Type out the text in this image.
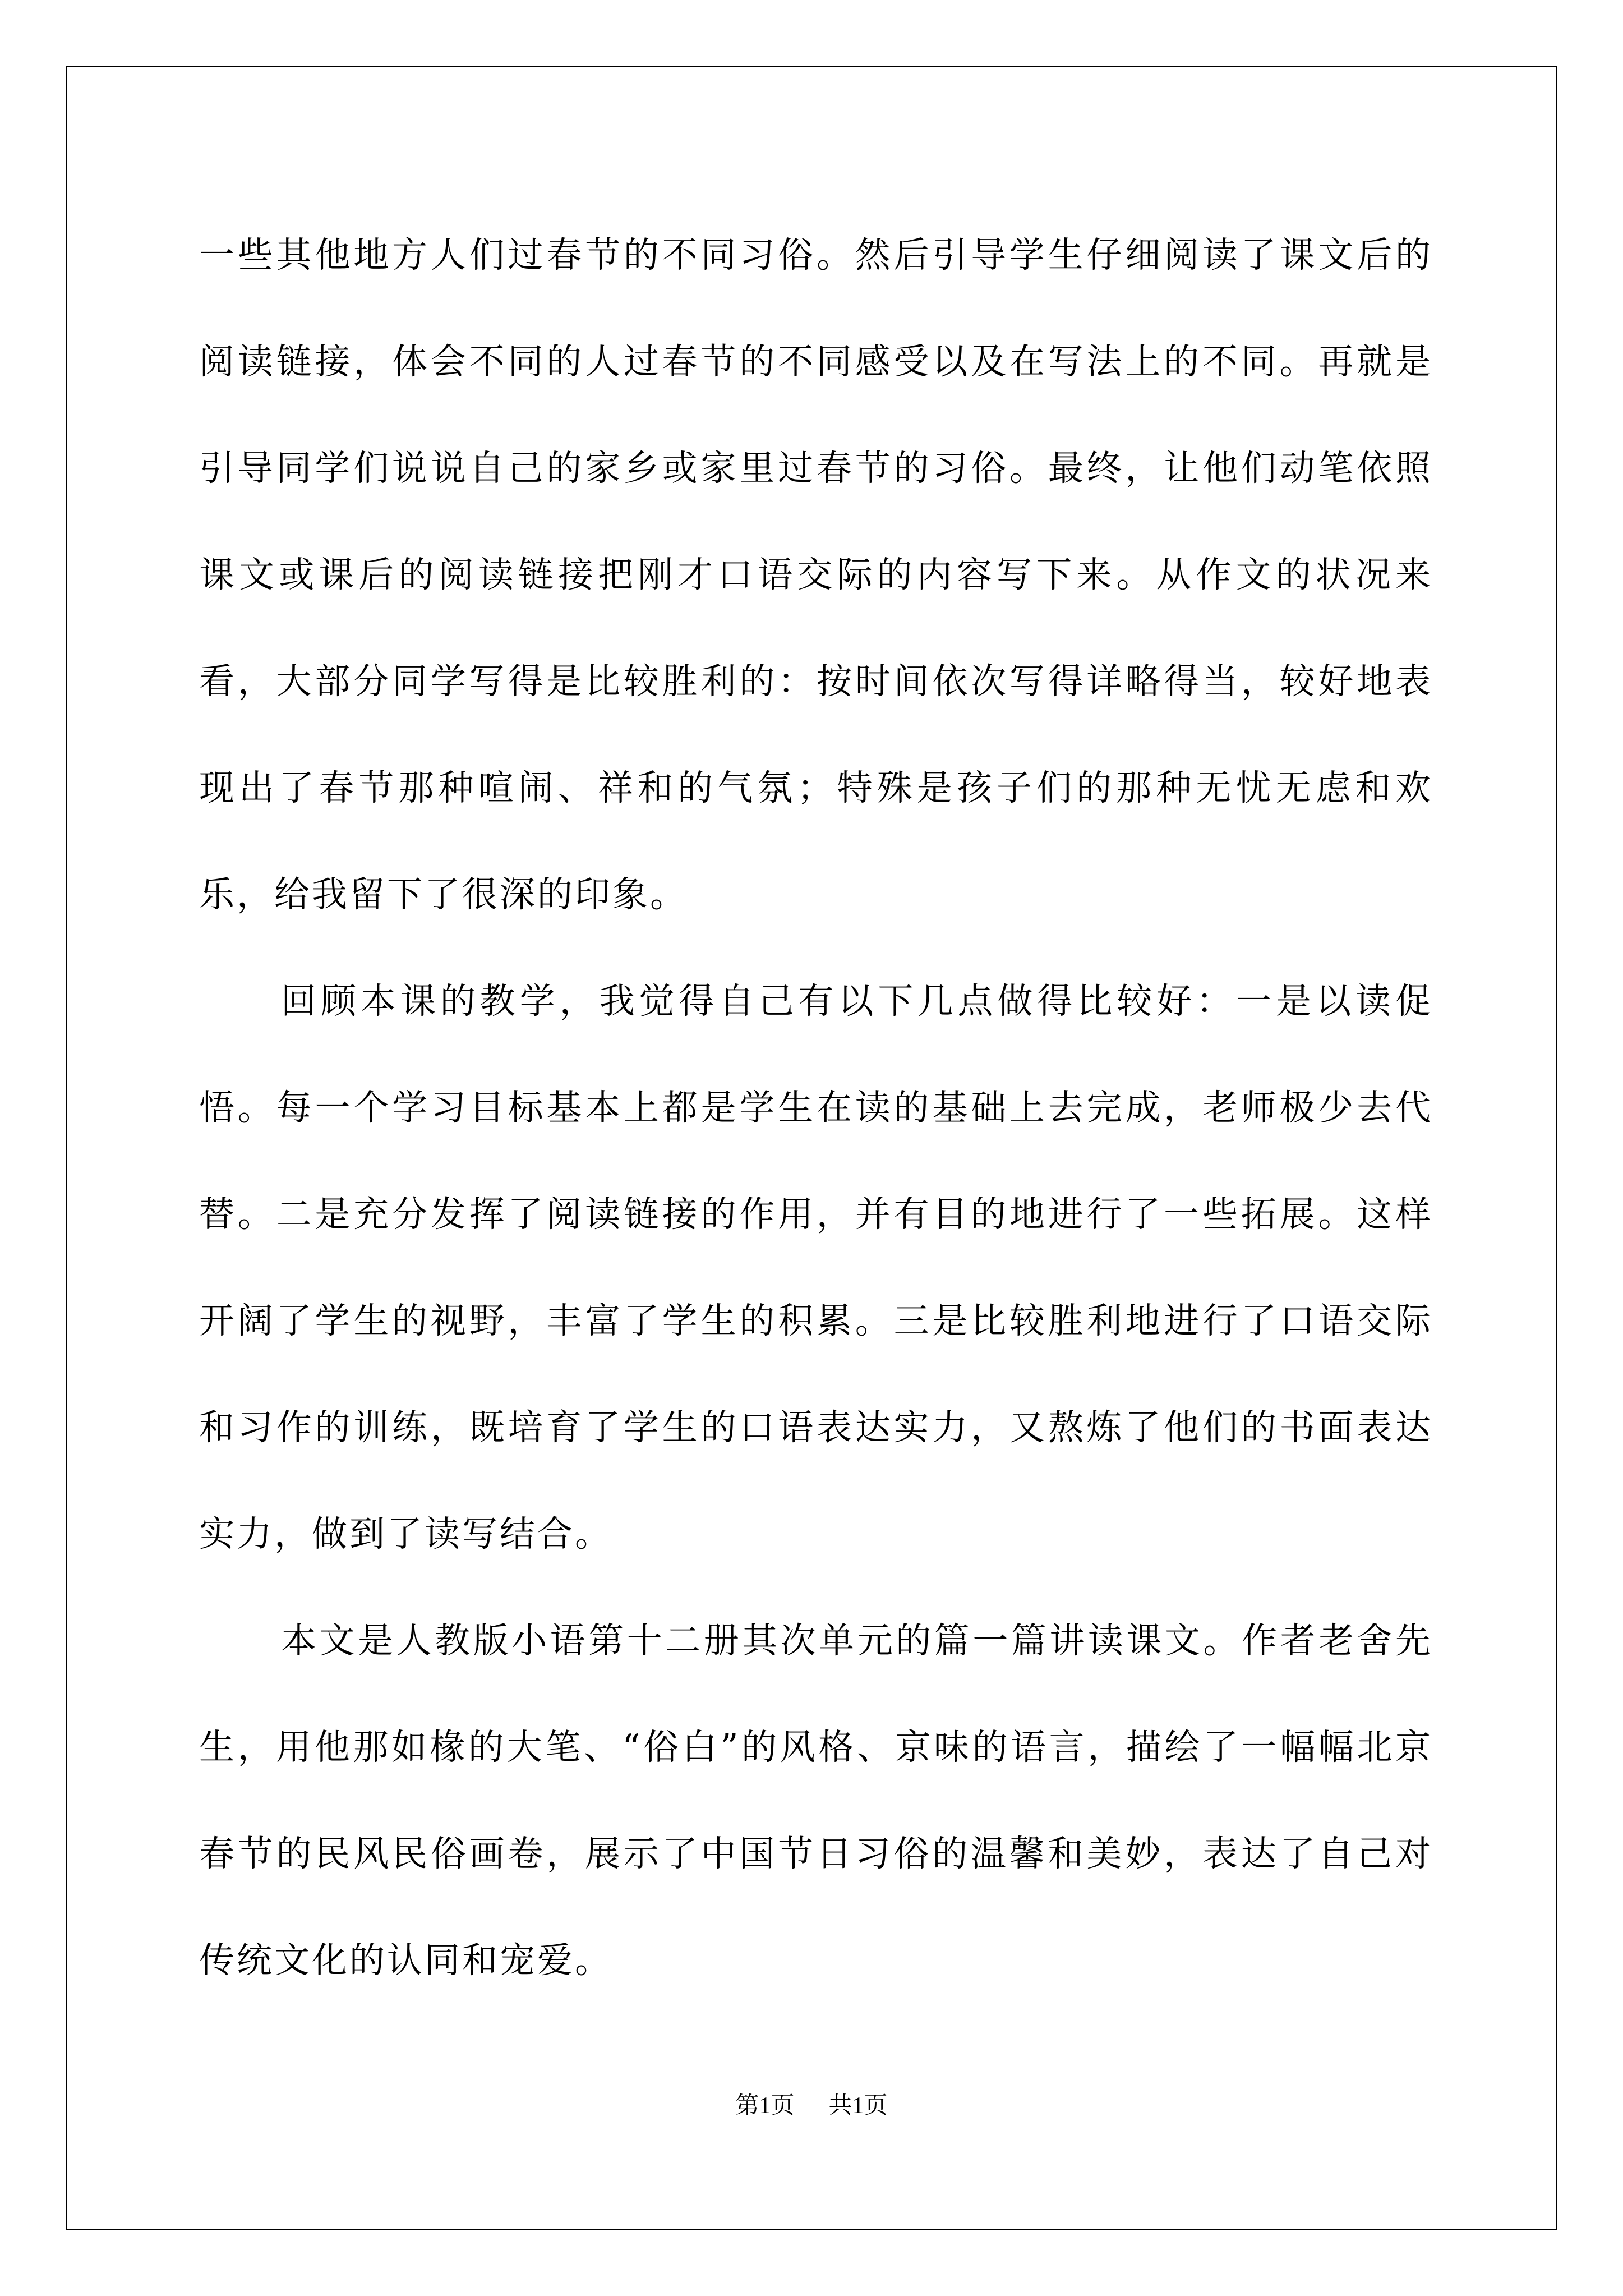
一些其他地方人们过春节的不同习俗。然后引导学生仔细阅读了课文后的阅读链接，体会不同的人过春节的不同感受以及在写法上的不同。再就是引导同学们说说自己的家乡或家里过春节的习俗。最终，让他们动笔依照课文或课后的阅读链接把刚才口语交际的内容写下来。从作文的状况来看，大部分同学写得是比较胜利的：按时间依次写得详略得当，较好地表现出了春节那种喧闹、祥和的气氛；特殊是孩子们的那种无忧无虑和欢乐，给我留下了很深的印象。

回顾本课的教学，我觉得自己有以下几点做得比较好：一是以读促悟。每一个学习目标基本上都是学生在读的基础上去完成，老师极少去代替。二是充分发挥了阅读链接的作用，并有目的地进行了一些拓展。这样开阔了学生的视野，丰富了学生的积累。三是比较胜利地进行了口语交际和习作的训练，既培育了学生的口语表达实力，又熬炼了他们的书面表达实力，做到了读写结合。

本文是人教版小语第十二册其次单元的篇一篇讲读课文。作者老舍先生，用他那如椽的大笔、“俗白”的风格、京味的语言，描绘了一幅幅北京春节的民风民俗画卷，展示了中国节日习俗的温馨和美妙，表达了自己对传统文化的认同和宠爱。

第1页 共1页
